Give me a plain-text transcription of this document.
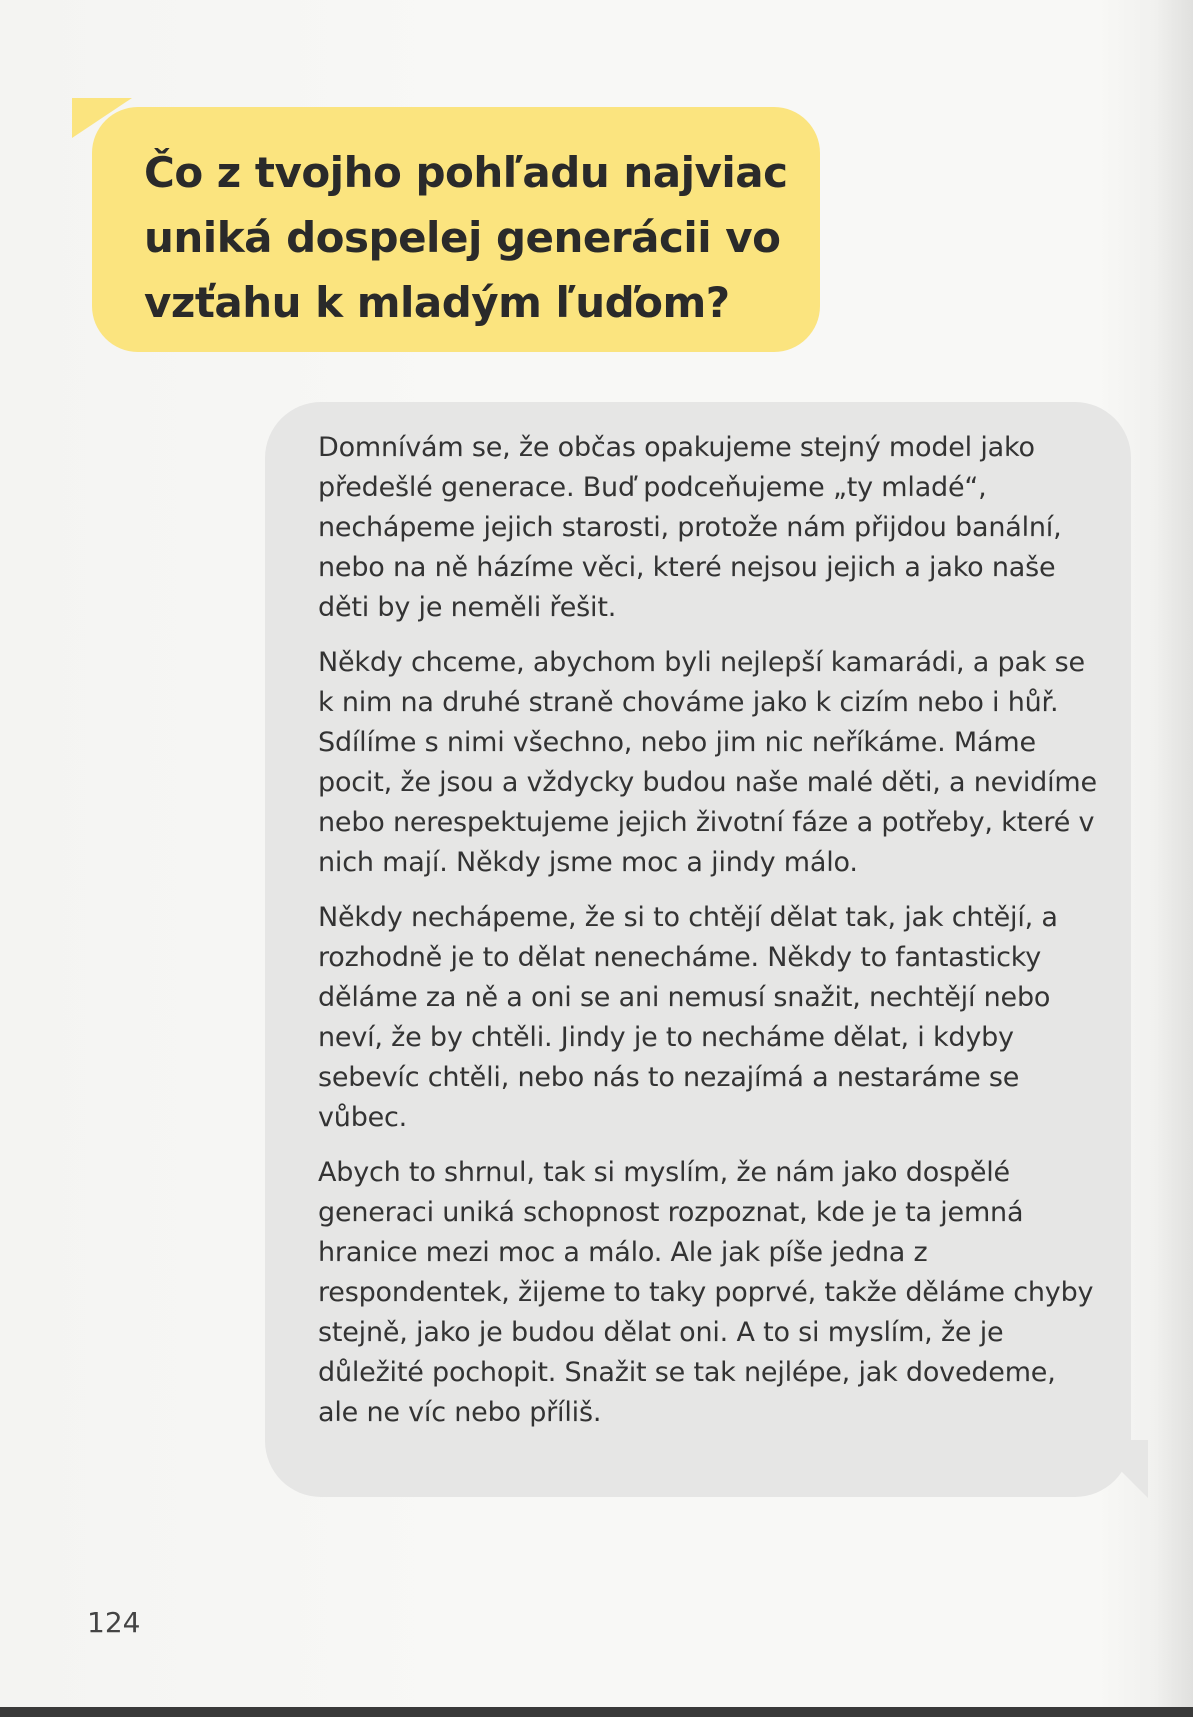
Čo z tvojho pohľadu najviac uniká dospelej generácii vo vzťahu k mladým ľuďom?

Domnívám se, že občas opakujeme stejný model jako předešlé generace. Buď podceňujeme „ty mladé“, nechápeme jejich starosti, protože nám přijdou banální, nebo na ně házíme věci, které nejsou jejich a jako naše děti by je neměli řešit.

Někdy chceme, abychom byli nejlepší kamarádi, a pak se k nim na druhé straně chováme jako k cizím nebo i hůř. Sdílíme s nimi všechno, nebo jim nic neříkáme. Máme pocit, že jsou a vždycky budou naše malé děti, a nevidíme nebo nerespektujeme jejich životní fáze a potřeby, které v nich mají. Někdy jsme moc a jindy málo.

Někdy nechápeme, že si to chtějí dělat tak, jak chtějí, a rozhodně je to dělat nenecháme. Někdy to fantasticky děláme za ně a oni se ani nemusí snažit, nechtějí nebo neví, že by chtěli. Jindy je to necháme dělat, i kdyby sebevíc chtěli, nebo nás to nezajímá a nestaráme se vůbec.

Abych to shrnul, tak si myslím, že nám jako dospělé generaci uniká schopnost rozpoznat, kde je ta jemná hranice mezi moc a málo. Ale jak píše jedna z respondentek, žijeme to taky poprvé, takže děláme chyby stejně, jako je budou dělat oni. A to si myslím, že je důležité pochopit. Snažit se tak nejlépe, jak dovedeme, ale ne víc nebo příliš.

124
